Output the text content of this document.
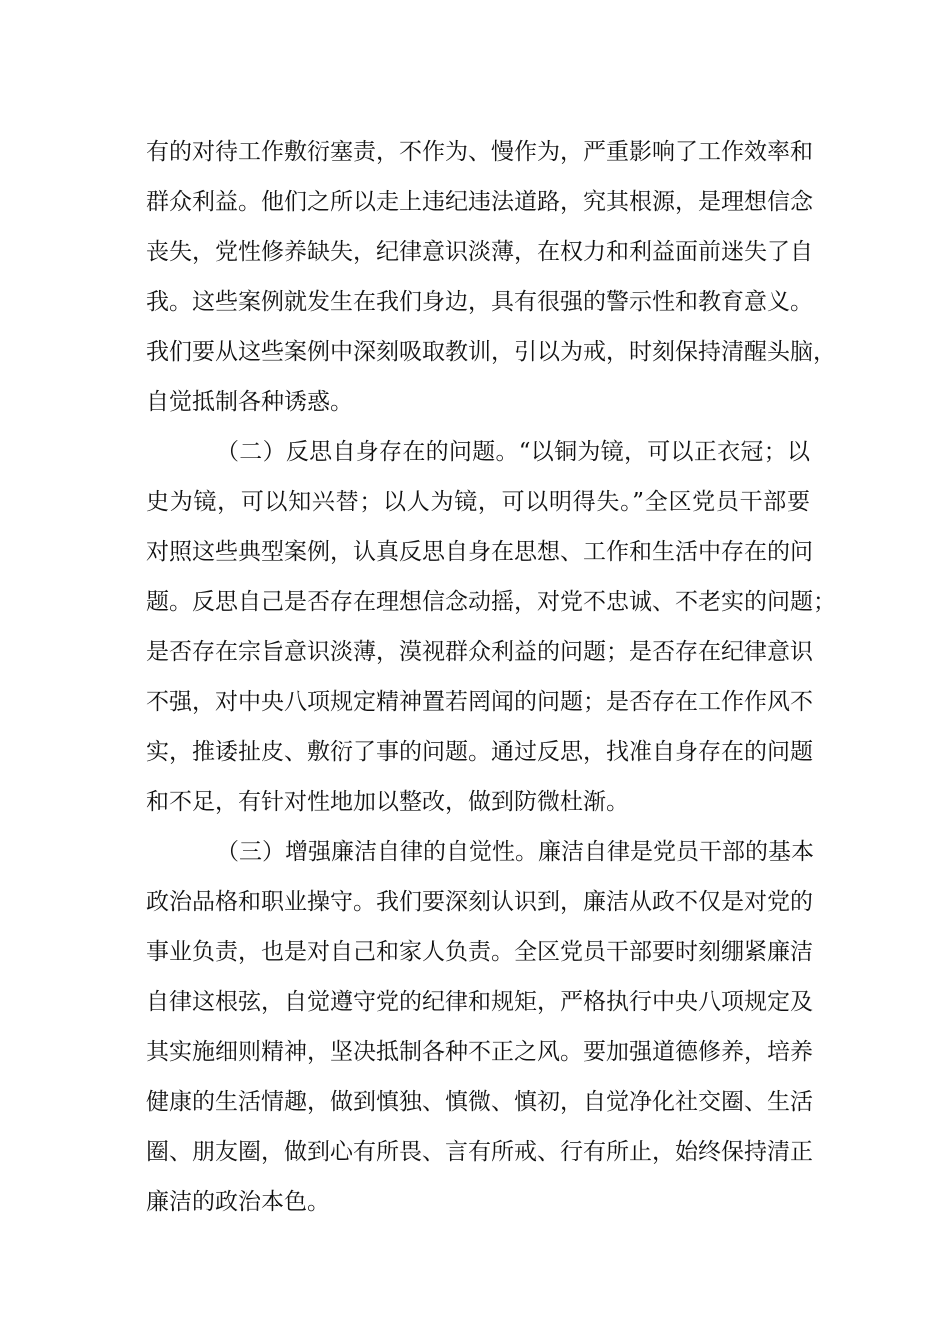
有的对待工作敷衍塞责，不作为、慢作为，严重影响了工作效率和
群众利益。他们之所以走上违纪违法道路，究其根源，是理想信念
丧失，党性修养缺失，纪律意识淡薄，在权力和利益面前迷失了自
我。这些案例就发生在我们身边，具有很强的警示性和教育意义。
我们要从这些案例中深刻吸取教训，引以为戒，时刻保持清醒头脑，
自觉抵制各种诱惑。
（二）反思自身存在的问题。“以铜为镜，可以正衣冠；以
史为镜，可以知兴替；以人为镜，可以明得失。”全区党员干部要
对照这些典型案例，认真反思自身在思想、工作和生活中存在的问
题。反思自己是否存在理想信念动摇，对党不忠诚、不老实的问题；
是否存在宗旨意识淡薄，漠视群众利益的问题；是否存在纪律意识
不强，对中央八项规定精神置若罔闻的问题；是否存在工作作风不
实，推诿扯皮、敷衍了事的问题。通过反思，找准自身存在的问题
和不足，有针对性地加以整改，做到防微杜渐。
（三）增强廉洁自律的自觉性。廉洁自律是党员干部的基本
政治品格和职业操守。我们要深刻认识到，廉洁从政不仅是对党的
事业负责，也是对自己和家人负责。全区党员干部要时刻绷紧廉洁
自律这根弦，自觉遵守党的纪律和规矩，严格执行中央八项规定及
其实施细则精神，坚决抵制各种不正之风。要加强道德修养，培养
健康的生活情趣，做到慎独、慎微、慎初，自觉净化社交圈、生活
圈、朋友圈，做到心有所畏、言有所戒、行有所止，始终保持清正
廉洁的政治本色。
